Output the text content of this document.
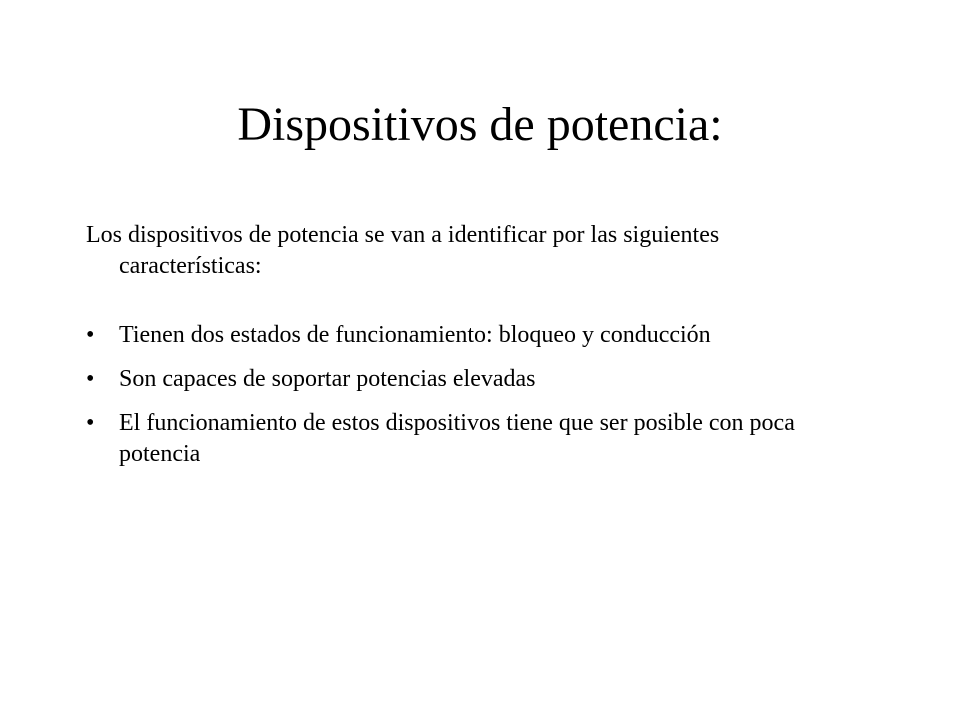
Dispositivos de potencia:

Los dispositivos de potencia se van a identificar por las siguientes características:

•	Tienen dos estados de funcionamiento: bloqueo y conducción
•	Son capaces de soportar potencias elevadas
•	El funcionamiento de estos dispositivos tiene que ser posible con poca potencia
